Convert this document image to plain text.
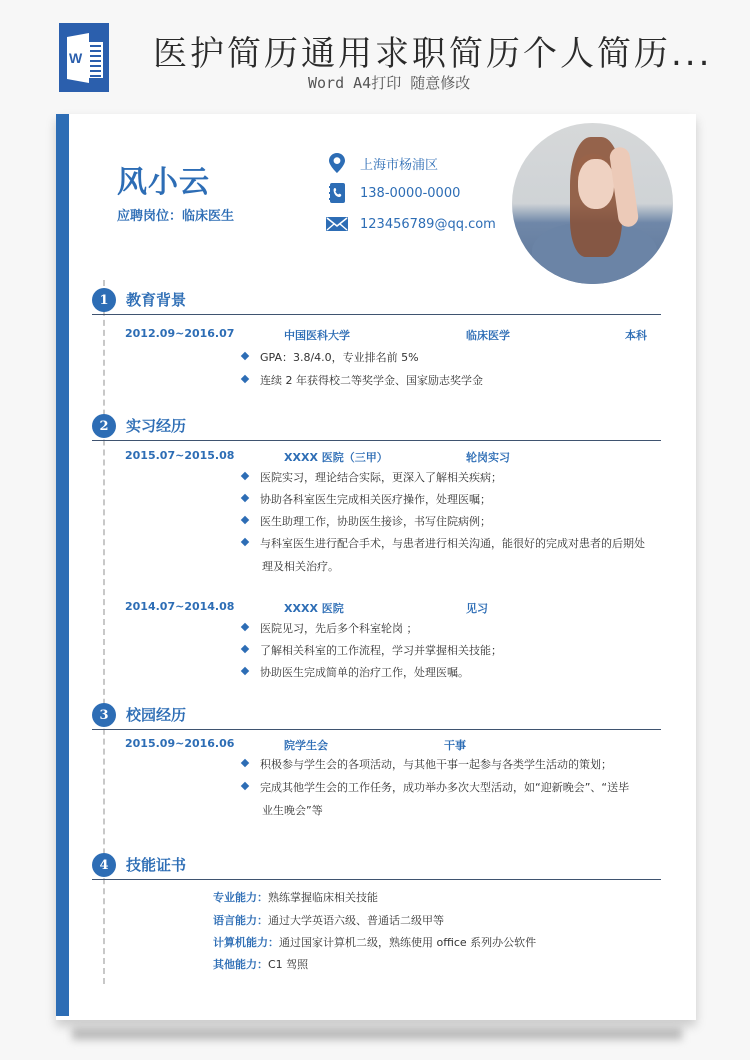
W 医护简历通用求职简历个人简历...
Word A4打印 随意修改
风小云
应聘岗位：临床医生
上海市杨浦区
138-0000-0000
123456789@qq.com
1	教育背景
2012.09~2016.07	中国医科大学	临床医学	本科
GPA：3.8/4.0，专业排名前 5%
连续 2 年获得校二等奖学金、国家励志奖学金
2	实习经历
2015.07~2015.08	XXXX 医院（三甲）	轮岗实习
医院实习，理论结合实际，更深入了解相关疾病；
协助各科室医生完成相关医疗操作，处理医嘱；
医生助理工作，协助医生接诊，书写住院病例；
与科室医生进行配合手术，与患者进行相关沟通，能很好的完成对患者的后期处
理及相关治疗。
2014.07~2014.08	XXXX 医院	见习
医院见习，先后多个科室轮岗 ；
了解相关科室的工作流程，学习并掌握相关技能；
协助医生完成简单的治疗工作，处理医嘱。
3	校园经历
2015.09~2016.06	院学生会	干事
积极参与学生会的各项活动，与其他干事一起参与各类学生活动的策划；
完成其他学生会的工作任务，成功举办多次大型活动，如“迎新晚会”、“送毕
业生晚会”等
4	技能证书
专业能力：熟练掌握临床相关技能
语言能力：通过大学英语六级、普通话二级甲等
计算机能力：通过国家计算机二级，熟练使用 office 系列办公软件
其他能力：C1 驾照
